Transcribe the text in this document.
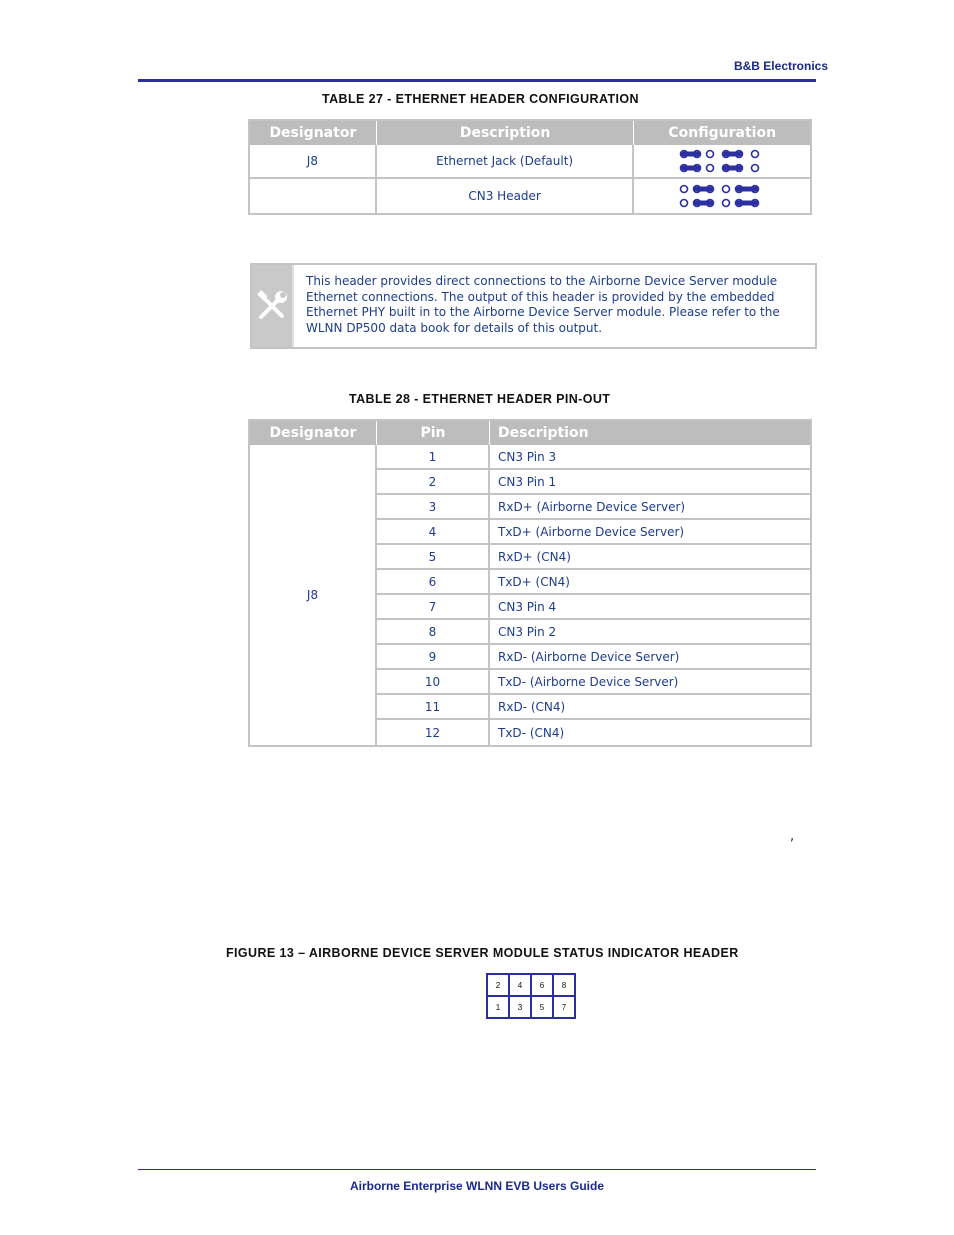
B&B Electronics
TABLE 27 - ETHERNET HEADER CONFIGURATION
Designator	Description	Configuration
J8	Ethernet Jack (Default)	

	CN3 Header	
This header provides direct connections to the Airborne Device Server module Ethernet connections. The output of this header is provided by the embedded Ethernet PHY built in to the Airborne Device Server module. Please refer to the WLNN DP500 data book for details of this output.
TABLE 28 - ETHERNET HEADER PIN-OUT
Designator	Pin	Description
J8	1	CN3 Pin 3
	2	CN3 Pin 1
	3	RxD+ (Airborne Device Server)
	4	TxD+ (Airborne Device Server)
	5	RxD+ (CN4)
	6	TxD+ (CN4)
	7	CN3 Pin 4
	8	CN3 Pin 2
	9	RxD- (Airborne Device Server)
	10	TxD- (Airborne Device Server)
	11	RxD- (CN4)
	12	TxD- (CN4)
,
FIGURE 13 – AIRBORNE DEVICE SERVER MODULE STATUS INDICATOR HEADER
2	4	6	8
1	3	5	7
Airborne Enterprise WLNN EVB Users Guide
